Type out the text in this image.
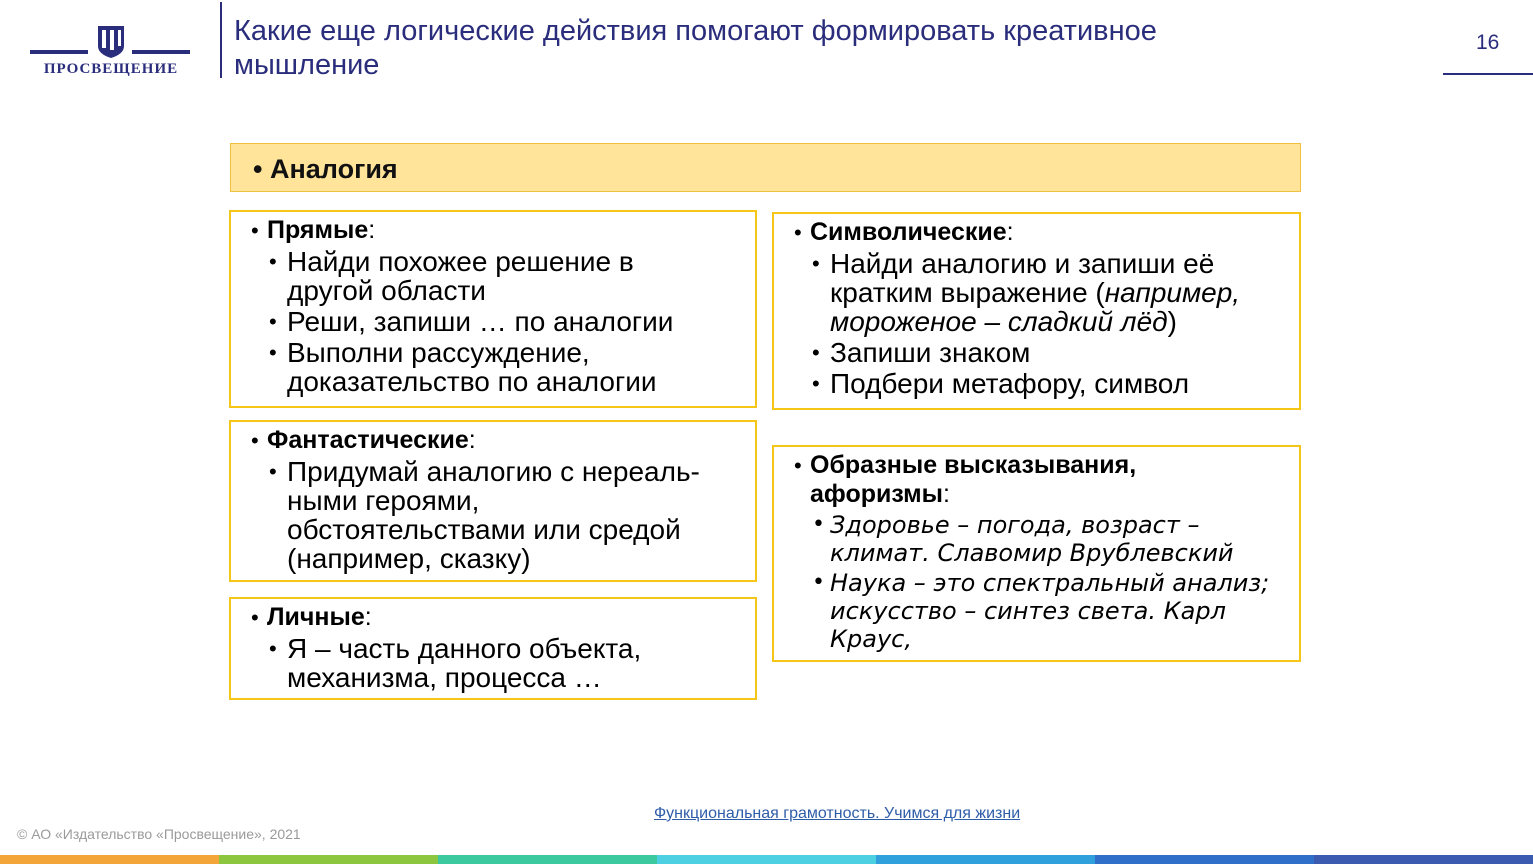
ПРОСВЕЩЕНИЕ
Какие еще логические действия помогают формировать креативное
мышление
16
• Аналогия
• Прямые:
• Найди похожее решение в
другой области
• Реши, запиши … по аналогии
• Выполни рассуждение,
доказательство по аналогии
• Символические:
• Найди аналогию и запиши её
кратким выражение (например,
мороженое – сладкий лёд)
• Запиши знаком
• Подбери метафору, символ
• Фантастические:
• Придумай аналогию с нереаль-
ными героями,
обстоятельствами или средой
(например, сказку)
• Образные высказывания,
афоризмы:
• Здоровье – погода, возраст –
климат. Славомир Врублевский
• Наука – это спектральный анализ;
искусство – синтез света. Карл
Краус,
• Личные:
• Я – часть данного объекта,
механизма, процесса …
Функциональная грамотность. Учимся для жизни
© АО «Издательство «Просвещение», 2021
